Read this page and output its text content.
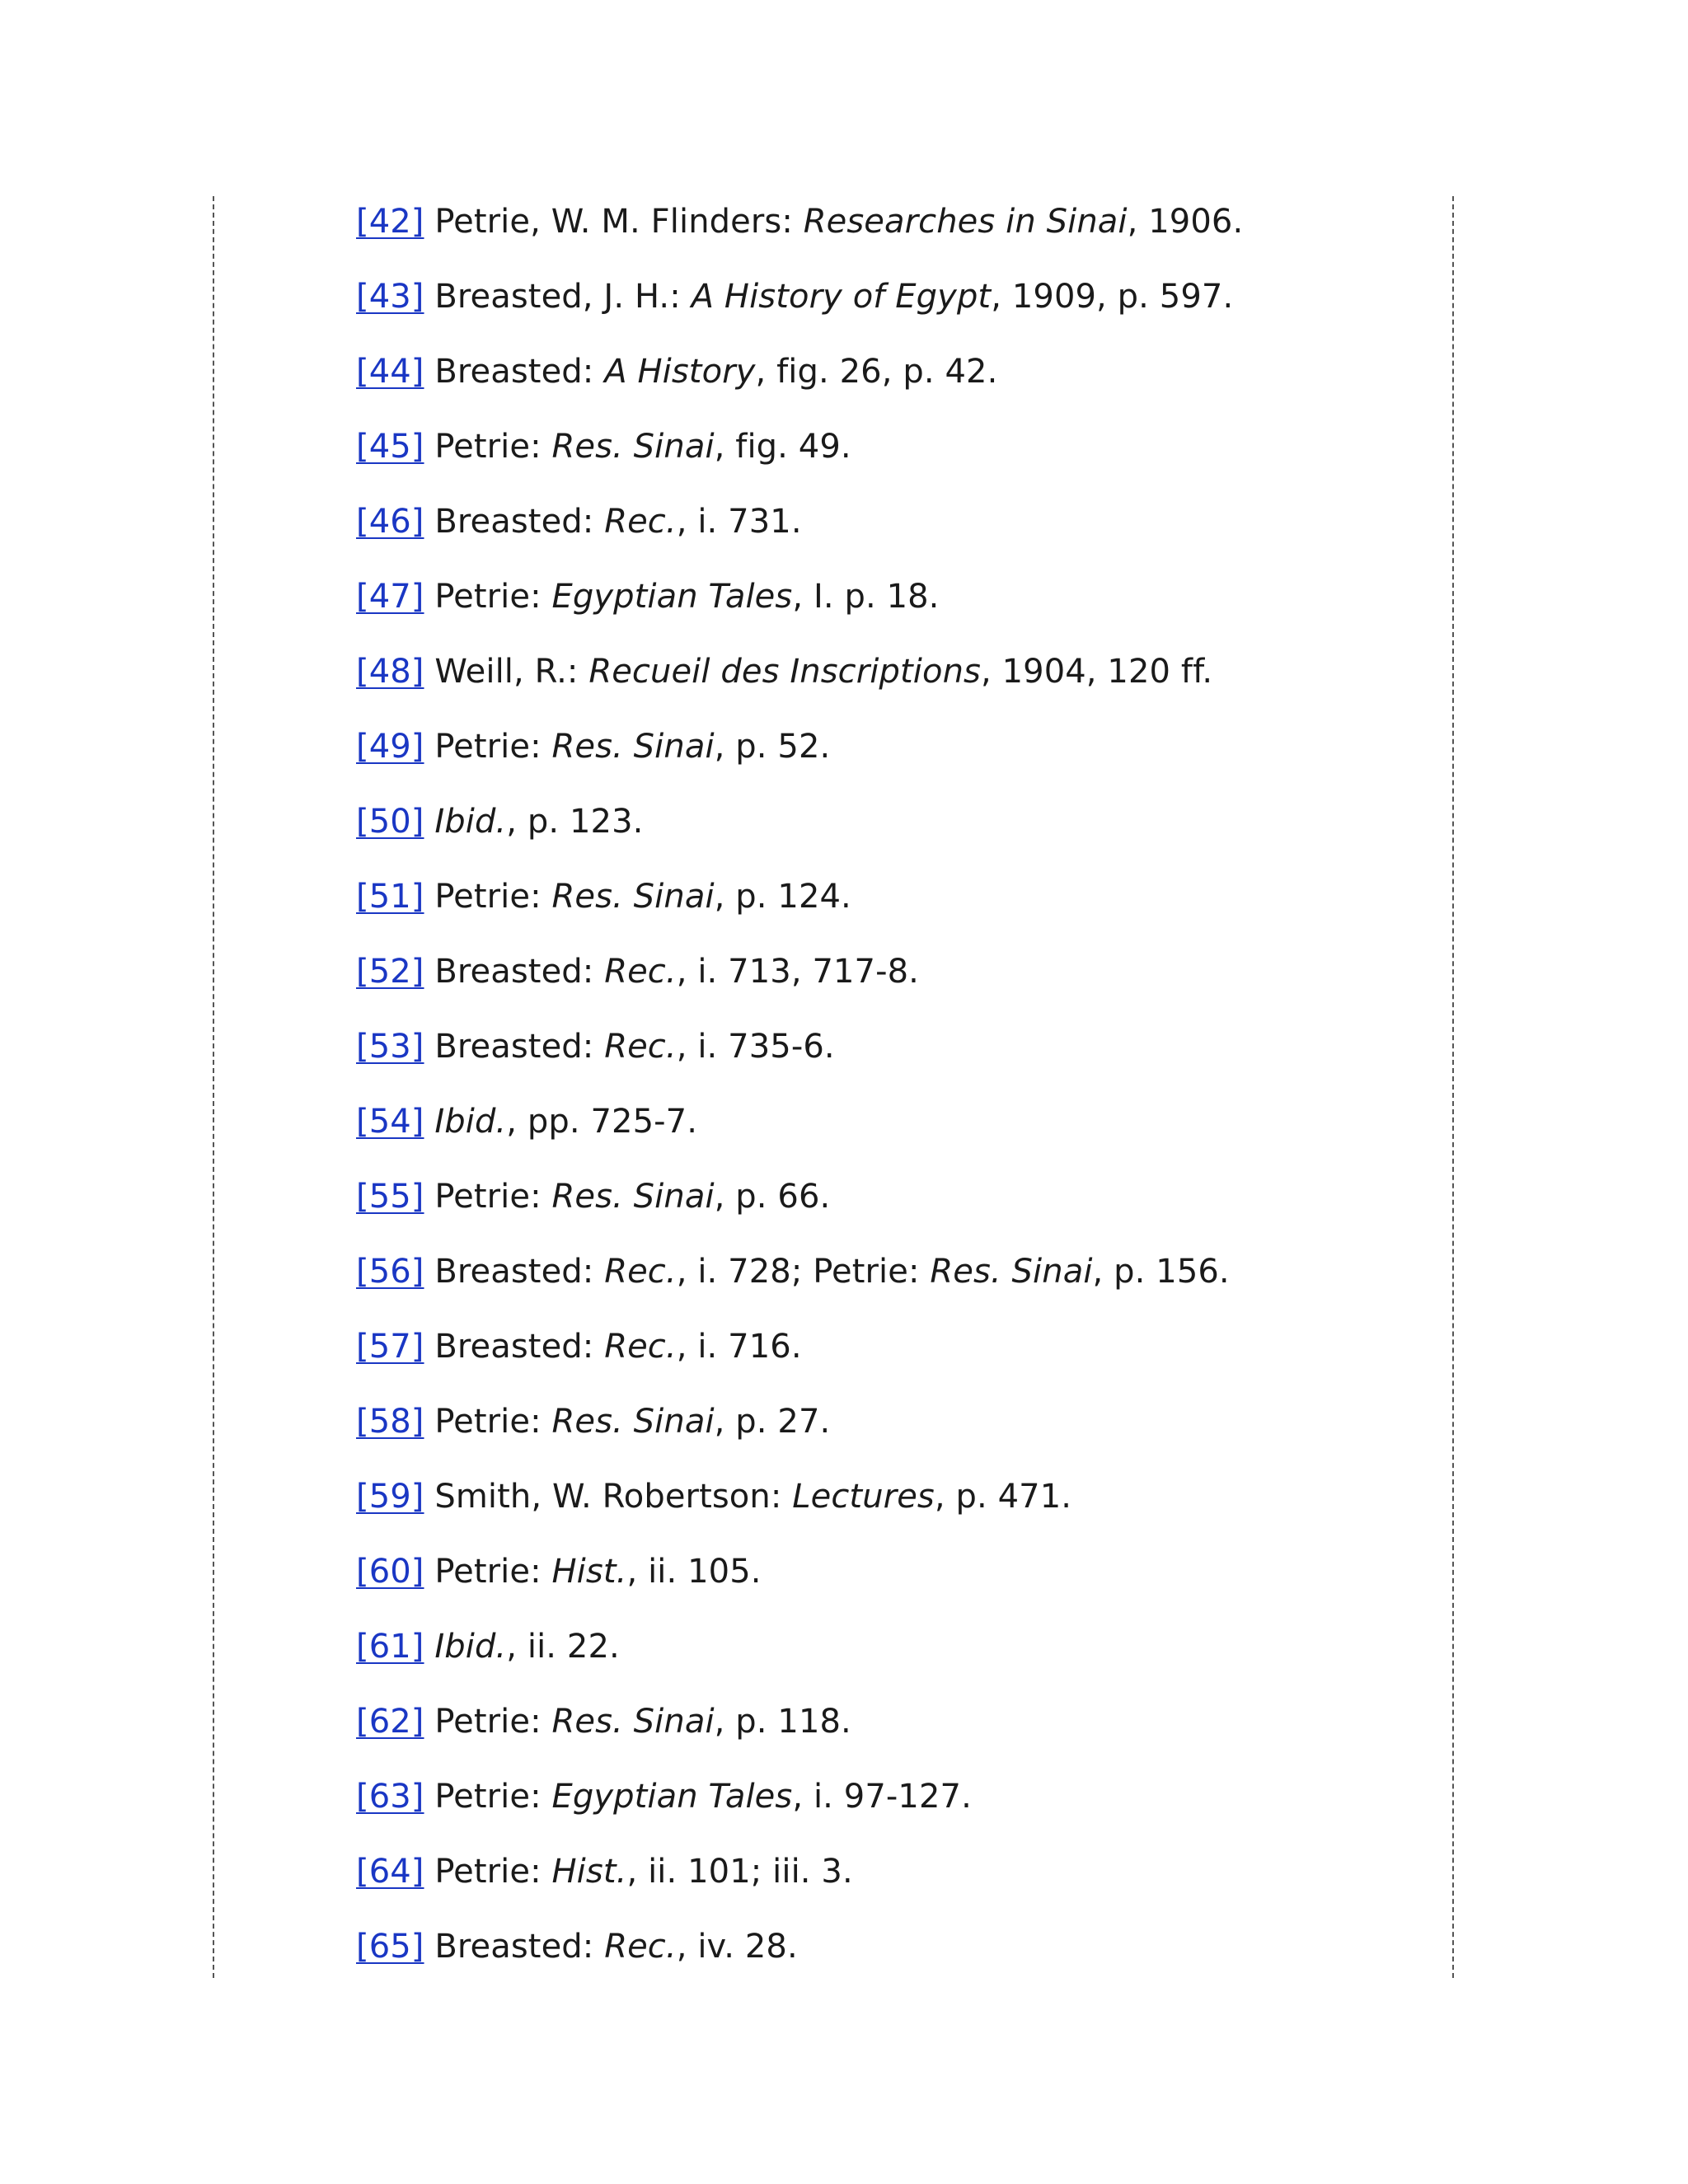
[42] Petrie, W. M. Flinders: Researches in Sinai, 1906.
[43] Breasted, J. H.: A History of Egypt, 1909, p. 597.
[44] Breasted: A History, fig. 26, p. 42.
[45] Petrie: Res. Sinai, fig. 49.
[46] Breasted: Rec., i. 731.
[47] Petrie: Egyptian Tales, I. p. 18.
[48] Weill, R.: Recueil des Inscriptions, 1904, 120 ff.
[49] Petrie: Res. Sinai, p. 52.
[50] Ibid., p. 123.
[51] Petrie: Res. Sinai, p. 124.
[52] Breasted: Rec., i. 713, 717-8.
[53] Breasted: Rec., i. 735-6.
[54] Ibid., pp. 725-7.
[55] Petrie: Res. Sinai, p. 66.
[56] Breasted: Rec., i. 728; Petrie: Res. Sinai, p. 156.
[57] Breasted: Rec., i. 716.
[58] Petrie: Res. Sinai, p. 27.
[59] Smith, W. Robertson: Lectures, p. 471.
[60] Petrie: Hist., ii. 105.
[61] Ibid., ii. 22.
[62] Petrie: Res. Sinai, p. 118.
[63] Petrie: Egyptian Tales, i. 97-127.
[64] Petrie: Hist., ii. 101; iii. 3.
[65] Breasted: Rec., iv. 28.
